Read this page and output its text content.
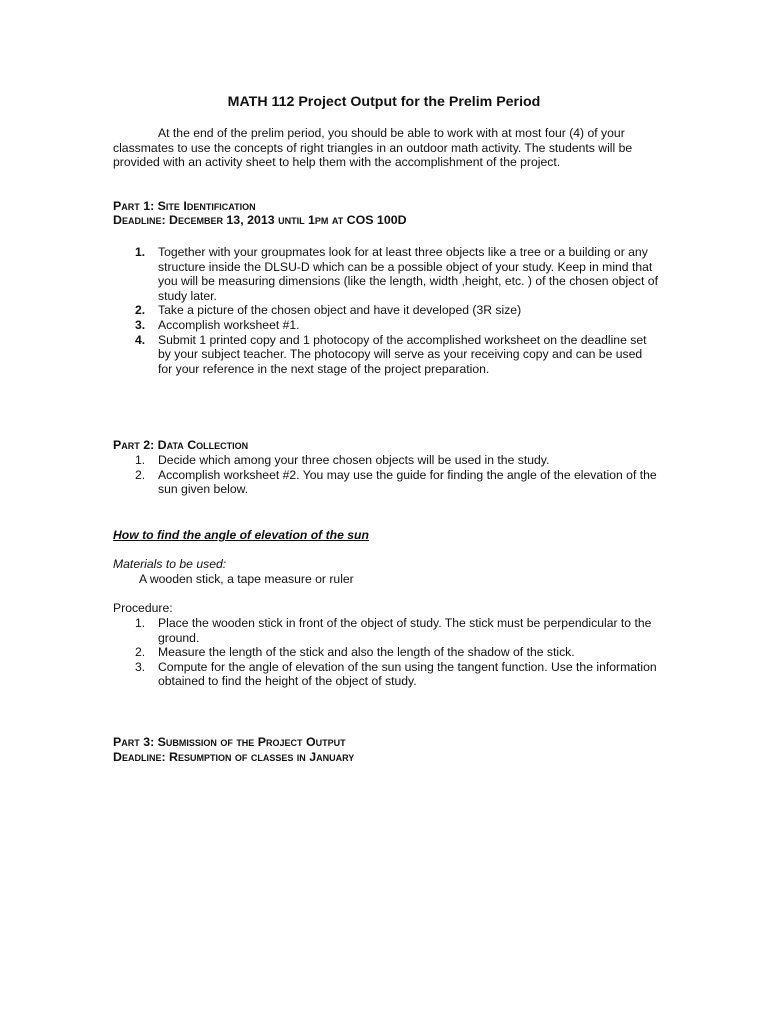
MATH 112 Project Output for the Prelim Period
At the end of the prelim period, you should be able to work with at most four (4) of your classmates to use the concepts of right triangles in an outdoor math activity. The students will be provided with an activity sheet to help them with the accomplishment of the project.
Part 1: Site Identification
Deadline: December 13, 2013 until 1pm at COS 100D
1. Together with your groupmates look for at least three objects like a tree or a building or any structure inside the DLSU-D which can be a possible object of your study. Keep in mind that you will be measuring dimensions (like the length, width ,height, etc. ) of the chosen object of study later.
2. Take a picture of the chosen object and have it developed (3R size)
3. Accomplish worksheet #1.
4. Submit 1 printed copy and 1 photocopy of the accomplished worksheet on the deadline set by your subject teacher. The photocopy will serve as your receiving copy and can be used for your reference in the next stage of the project preparation.
Part 2: Data Collection
1. Decide which among your three chosen objects will be used in the study.
2. Accomplish worksheet #2. You may use the guide for finding the angle of the elevation of the sun given below.
How to find the angle of elevation of the sun
Materials to be used:
A wooden stick, a tape measure or ruler
Procedure:
1. Place the wooden stick in front of the object of study. The stick must be perpendicular to the ground.
2. Measure the length of the stick and also the length of the shadow of the stick.
3. Compute for the angle of elevation of the sun using the tangent function. Use the information obtained to find the height of the object of study.
Part 3: Submission of the Project Output
Deadline: Resumption of classes in January
